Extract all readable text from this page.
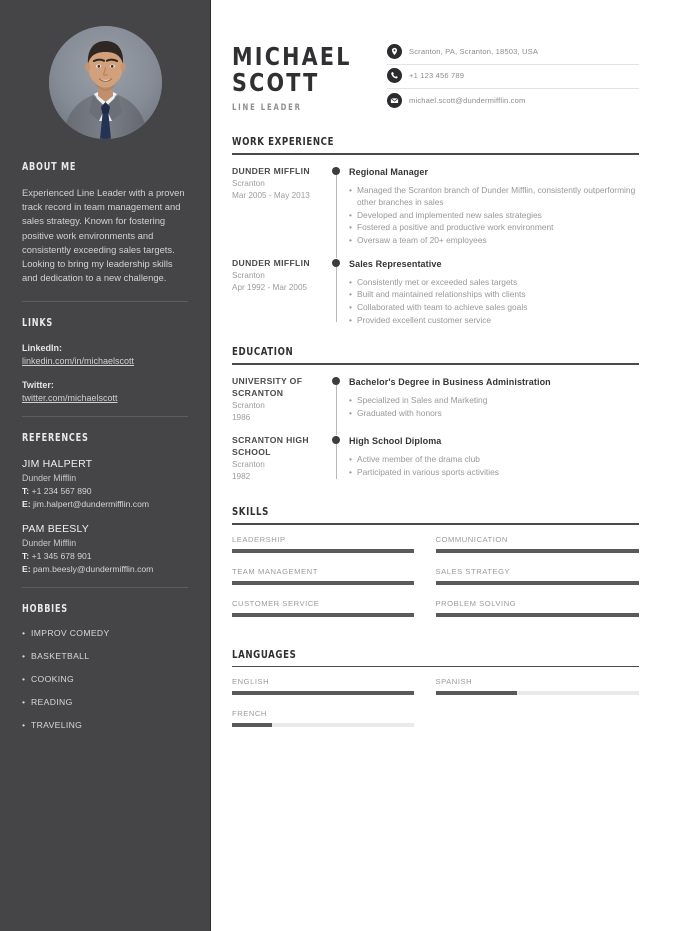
ABOUT ME

Experienced Line Leader with a proven track record in team management and sales strategy. Known for fostering positive work environments and consistently exceeding sales targets. Looking to bring my leadership skills and dedication to a new challenge.

LINKS
LinkedIn:
linkedin.com/in/michaelscott
Twitter:
twitter.com/michaelscott
REFERENCES
JIM HALPERT
Dunder Mifflin
T: +1 234 567 890
E: jim.halpert@dundermifflin.com
PAM BEESLY
Dunder Mifflin
T: +1 345 678 901
E: pam.beesly@dundermifflin.com
HOBBIES
• IMPROV COMEDY
• BASKETBALL
• COOKING
• READING
• TRAVELING
MICHAEL
SCOTT
LINE LEADER
Scranton, PA, Scranton, 18503, USA
+1 123 456 789
michael.scott@dundermifflin.com
WORK EXPERIENCE
DUNDER MIFFLIN
Scranton
Mar 2005 - May 2013
Regional Manager
• Managed the Scranton branch of Dunder Mifflin, consistently outperforming other branches in sales
• Developed and implemented new sales strategies
• Fostered a positive and productive work environment
• Oversaw a team of 20+ employees
DUNDER MIFFLIN
Scranton
Apr 1992 - Mar 2005
Sales Representative
• Consistently met or exceeded sales targets
• Built and maintained relationships with clients
• Collaborated with team to achieve sales goals
• Provided excellent customer service
EDUCATION
UNIVERSITY OF SCRANTON
Scranton
1986
Bachelor's Degree in Business Administration
• Specialized in Sales and Marketing
• Graduated with honors
SCRANTON HIGH SCHOOL
Scranton
1982
High School Diploma
• Active member of the drama club
• Participated in various sports activities
SKILLS
LEADERSHIP	COMMUNICATION
TEAM MANAGEMENT	SALES STRATEGY
CUSTOMER SERVICE	PROBLEM SOLVING
LANGUAGES
ENGLISH	SPANISH
FRENCH
